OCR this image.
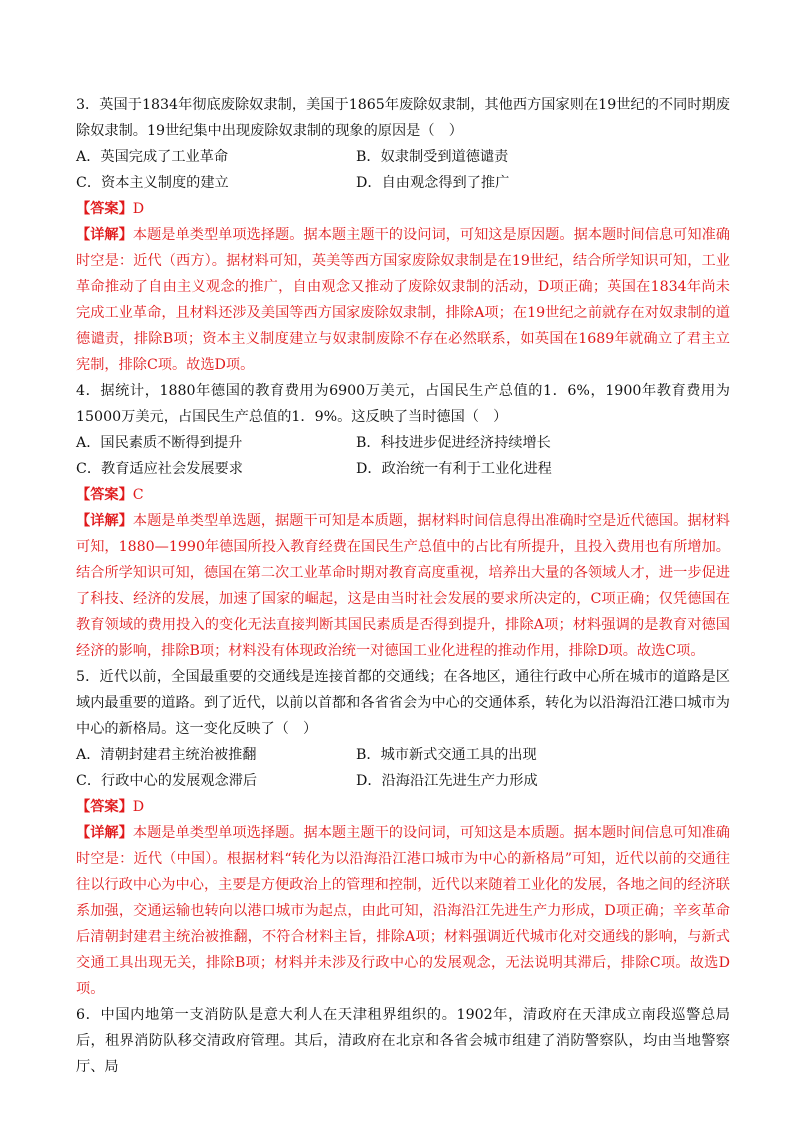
3．英国于1834年彻底废除奴隶制，美国于1865年废除奴隶制，其他西方国家则在19世纪的不同时期废除奴隶制。19世纪集中出现废除奴隶制的现象的原因是（　）

A．英国完成了工业革命	B．奴隶制受到道德谴责
C．资本主义制度的建立	D．自由观念得到了推广

【答案】D

【详解】本题是单类型单项选择题。据本题主题干的设问词，可知这是原因题。据本题时间信息可知准确时空是：近代（西方）。据材料可知，英美等西方国家废除奴隶制是在19世纪，结合所学知识可知，工业革命推动了自由主义观念的推广，自由观念又推动了废除奴隶制的活动，D项正确；英国在1834年尚未完成工业革命，且材料还涉及美国等西方国家废除奴隶制，排除A项；在19世纪之前就存在对奴隶制的道德谴责，排除B项；资本主义制度建立与奴隶制废除不存在必然联系，如英国在1689年就确立了君主立宪制，排除C项。故选D项。

4．据统计，1880年德国的教育费用为6900万美元，占国民生产总值的1．6%，1900年教育费用为15000万美元，占国民生产总值的1．9%。这反映了当时德国（　）

A．国民素质不断得到提升	B．科技进步促进经济持续增长
C．教育适应社会发展要求	D．政治统一有利于工业化进程

【答案】C

【详解】本题是单类型单选题，据题干可知是本质题，据材料时间信息得出准确时空是近代德国。据材料可知，1880—1990年德国所投入教育经费在国民生产总值中的占比有所提升，且投入费用也有所增加。结合所学知识可知，德国在第二次工业革命时期对教育高度重视，培养出大量的各领域人才，进一步促进了科技、经济的发展，加速了国家的崛起，这是由当时社会发展的要求所决定的，C项正确；仅凭德国在教育领域的费用投入的变化无法直接判断其国民素质是否得到提升，排除A项；材料强调的是教育对德国经济的影响，排除B项；材料没有体现政治统一对德国工业化进程的推动作用，排除D项。故选C项。

5．近代以前，全国最重要的交通线是连接首都的交通线；在各地区，通往行政中心所在城市的道路是区域内最重要的道路。到了近代，以前以首都和各省省会为中心的交通体系，转化为以沿海沿江港口城市为中心的新格局。这一变化反映了（　）

A．清朝封建君主统治被推翻	B．城市新式交通工具的出现
C．行政中心的发展观念滞后	D．沿海沿江先进生产力形成

【答案】D

【详解】本题是单类型单项选择题。据本题主题干的设问词，可知这是本质题。据本题时间信息可知准确时空是：近代（中国）。根据材料“转化为以沿海沿江港口城市为中心的新格局”可知，近代以前的交通往往以行政中心为中心，主要是方便政治上的管理和控制，近代以来随着工业化的发展，各地之间的经济联系加强，交通运输也转向以港口城市为起点，由此可知，沿海沿江先进生产力形成，D项正确；辛亥革命后清朝封建君主统治被推翻，不符合材料主旨，排除A项；材料强调近代城市化对交通线的影响，与新式交通工具出现无关，排除B项；材料并未涉及行政中心的发展观念，无法说明其滞后，排除C项。故选D项。

6．中国内地第一支消防队是意大利人在天津租界组织的。1902年，清政府在天津成立南段巡警总局后，租界消防队移交清政府管理。其后，清政府在北京和各省会城市组建了消防警察队，均由当地警察厅、局
